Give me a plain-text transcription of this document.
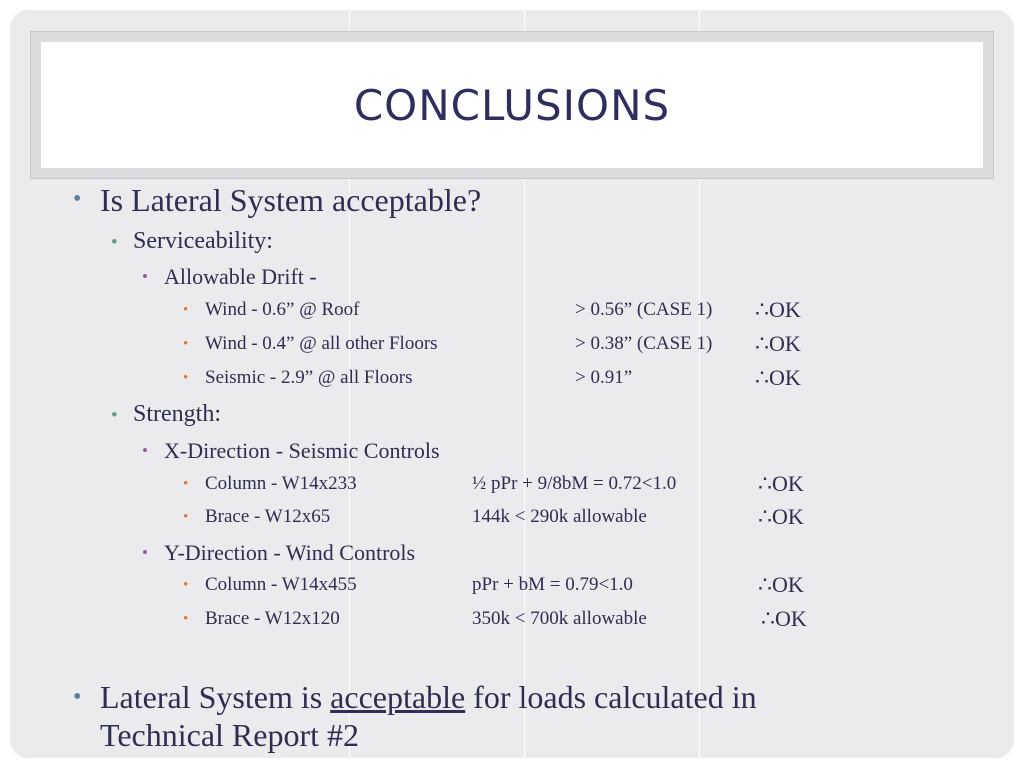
CONCLUSIONS
• Is Lateral System acceptable?
• Serviceability:
• Allowable Drift -
• Wind - 0.6” @ Roof	> 0.56” (CASE 1) ∴OK
• Wind - 0.4” @ all other Floors	> 0.38” (CASE 1) ∴OK
• Seismic - 2.9” @ all Floors	> 0.91”	∴OK
• Strength:
• X-Direction - Seismic Controls
• Column - W14x233	½ pPr + 9/8bM = 0.72<1.0	∴OK
• Brace - W12x65	144k < 290k allowable	∴OK
• Y-Direction - Wind Controls
• Column - W14x455	pPr + bM = 0.79<1.0	∴OK
• Brace - W12x120	350k < 700k allowable	∴OK
• Lateral System is acceptable for loads calculated in
Technical Report #2
